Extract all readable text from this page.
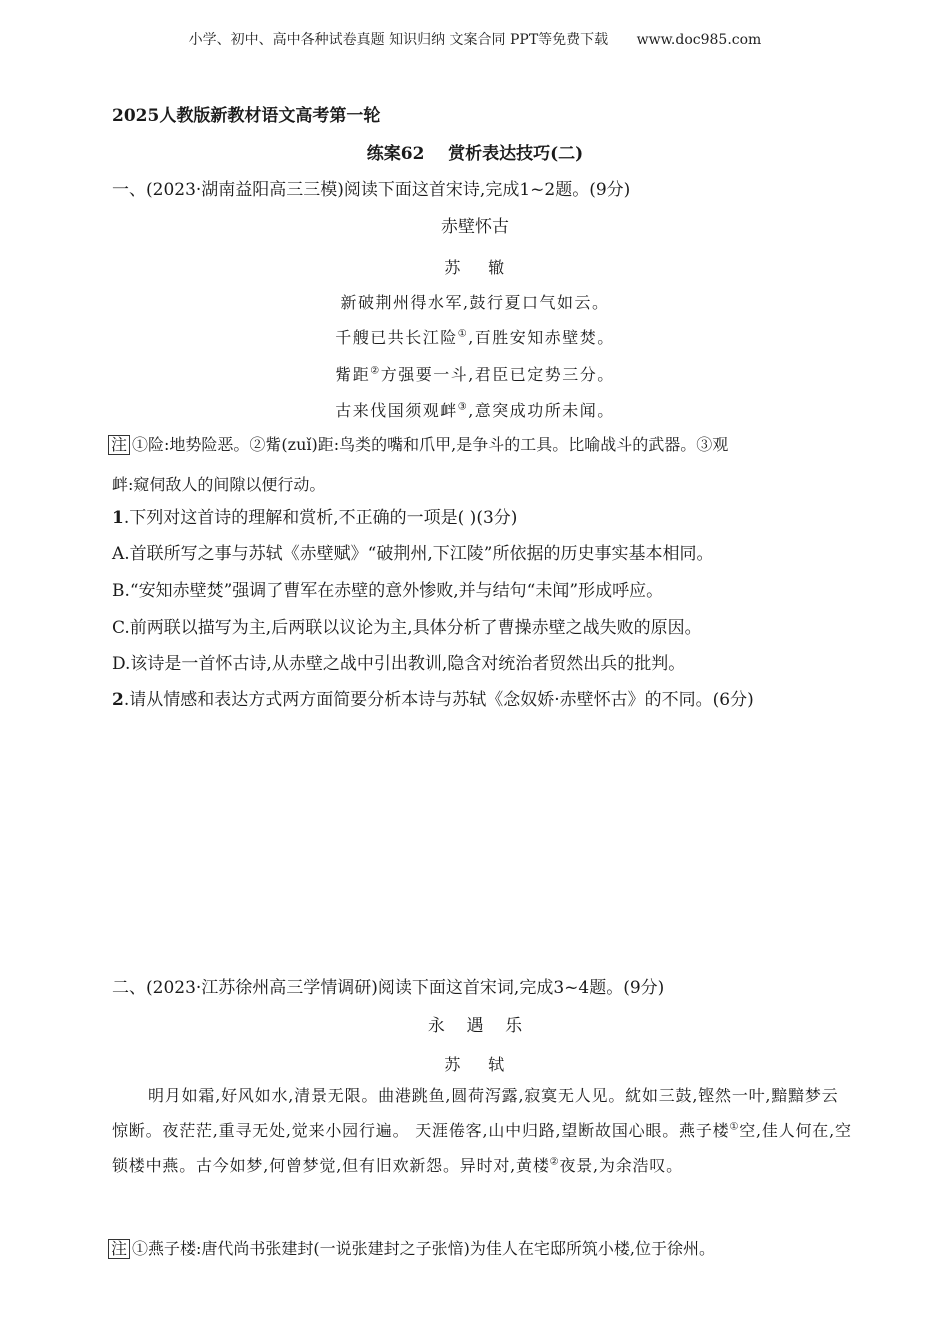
小学、初中、高中各种试卷真题 知识归纳 文案合同 PPT等免费下载 www.doc985.com
2025人教版新教材语文高考第一轮
练案62    赏析表达技巧(二)
一、(2023·湖南益阳高三三模)阅读下面这首宋诗,完成1~2题。(9分)
赤壁怀古
苏    辙
新破荆州得水军,鼓行夏口气如云。
千艘已共长江险①,百胜安知赤壁焚。
觜距②方强要一斗,君臣已定势三分。
古来伐国须观衅③,意突成功所未闻。
注 ①险:地势险恶。②觜(zuǐ)距:鸟类的嘴和爪甲,是争斗的工具。比喻战斗的武器。③观
衅:窥伺敌人的间隙以便行动。
1.下列对这首诗的理解和赏析,不正确的一项是( )(3分)
A.首联所写之事与苏轼《赤壁赋》“破荆州,下江陵”所依据的历史事实基本相同。
B.“安知赤壁焚”强调了曹军在赤壁的意外惨败,并与结句“未闻”形成呼应。
C.前两联以描写为主,后两联以议论为主,具体分析了曹操赤壁之战失败的原因。
D.该诗是一首怀古诗,从赤壁之战中引出教训,隐含对统治者贸然出兵的批判。
2.请从情感和表达方式两方面简要分析本诗与苏轼《念奴娇·赤壁怀古》的不同。(6分)
二、(2023·江苏徐州高三学情调研)阅读下面这首宋词,完成3~4题。(9分)
永    遇    乐
苏    轼
明月如霜,好风如水,清景无限。曲港跳鱼,圆荷泻露,寂寞无人见。紞如三鼓,铿然一叶,黯黯梦云惊断。夜茫茫,重寻无处,觉来小园行遍。 天涯倦客,山中归路,望断故国心眼。燕子楼①空,佳人何在,空锁楼中燕。古今如梦,何曾梦觉,但有旧欢新怨。异时对,黄楼②夜景,为余浩叹。
注 ①燕子楼:唐代尚书张建封(一说张建封之子张愔)为佳人在宅邸所筑小楼,位于徐州。
